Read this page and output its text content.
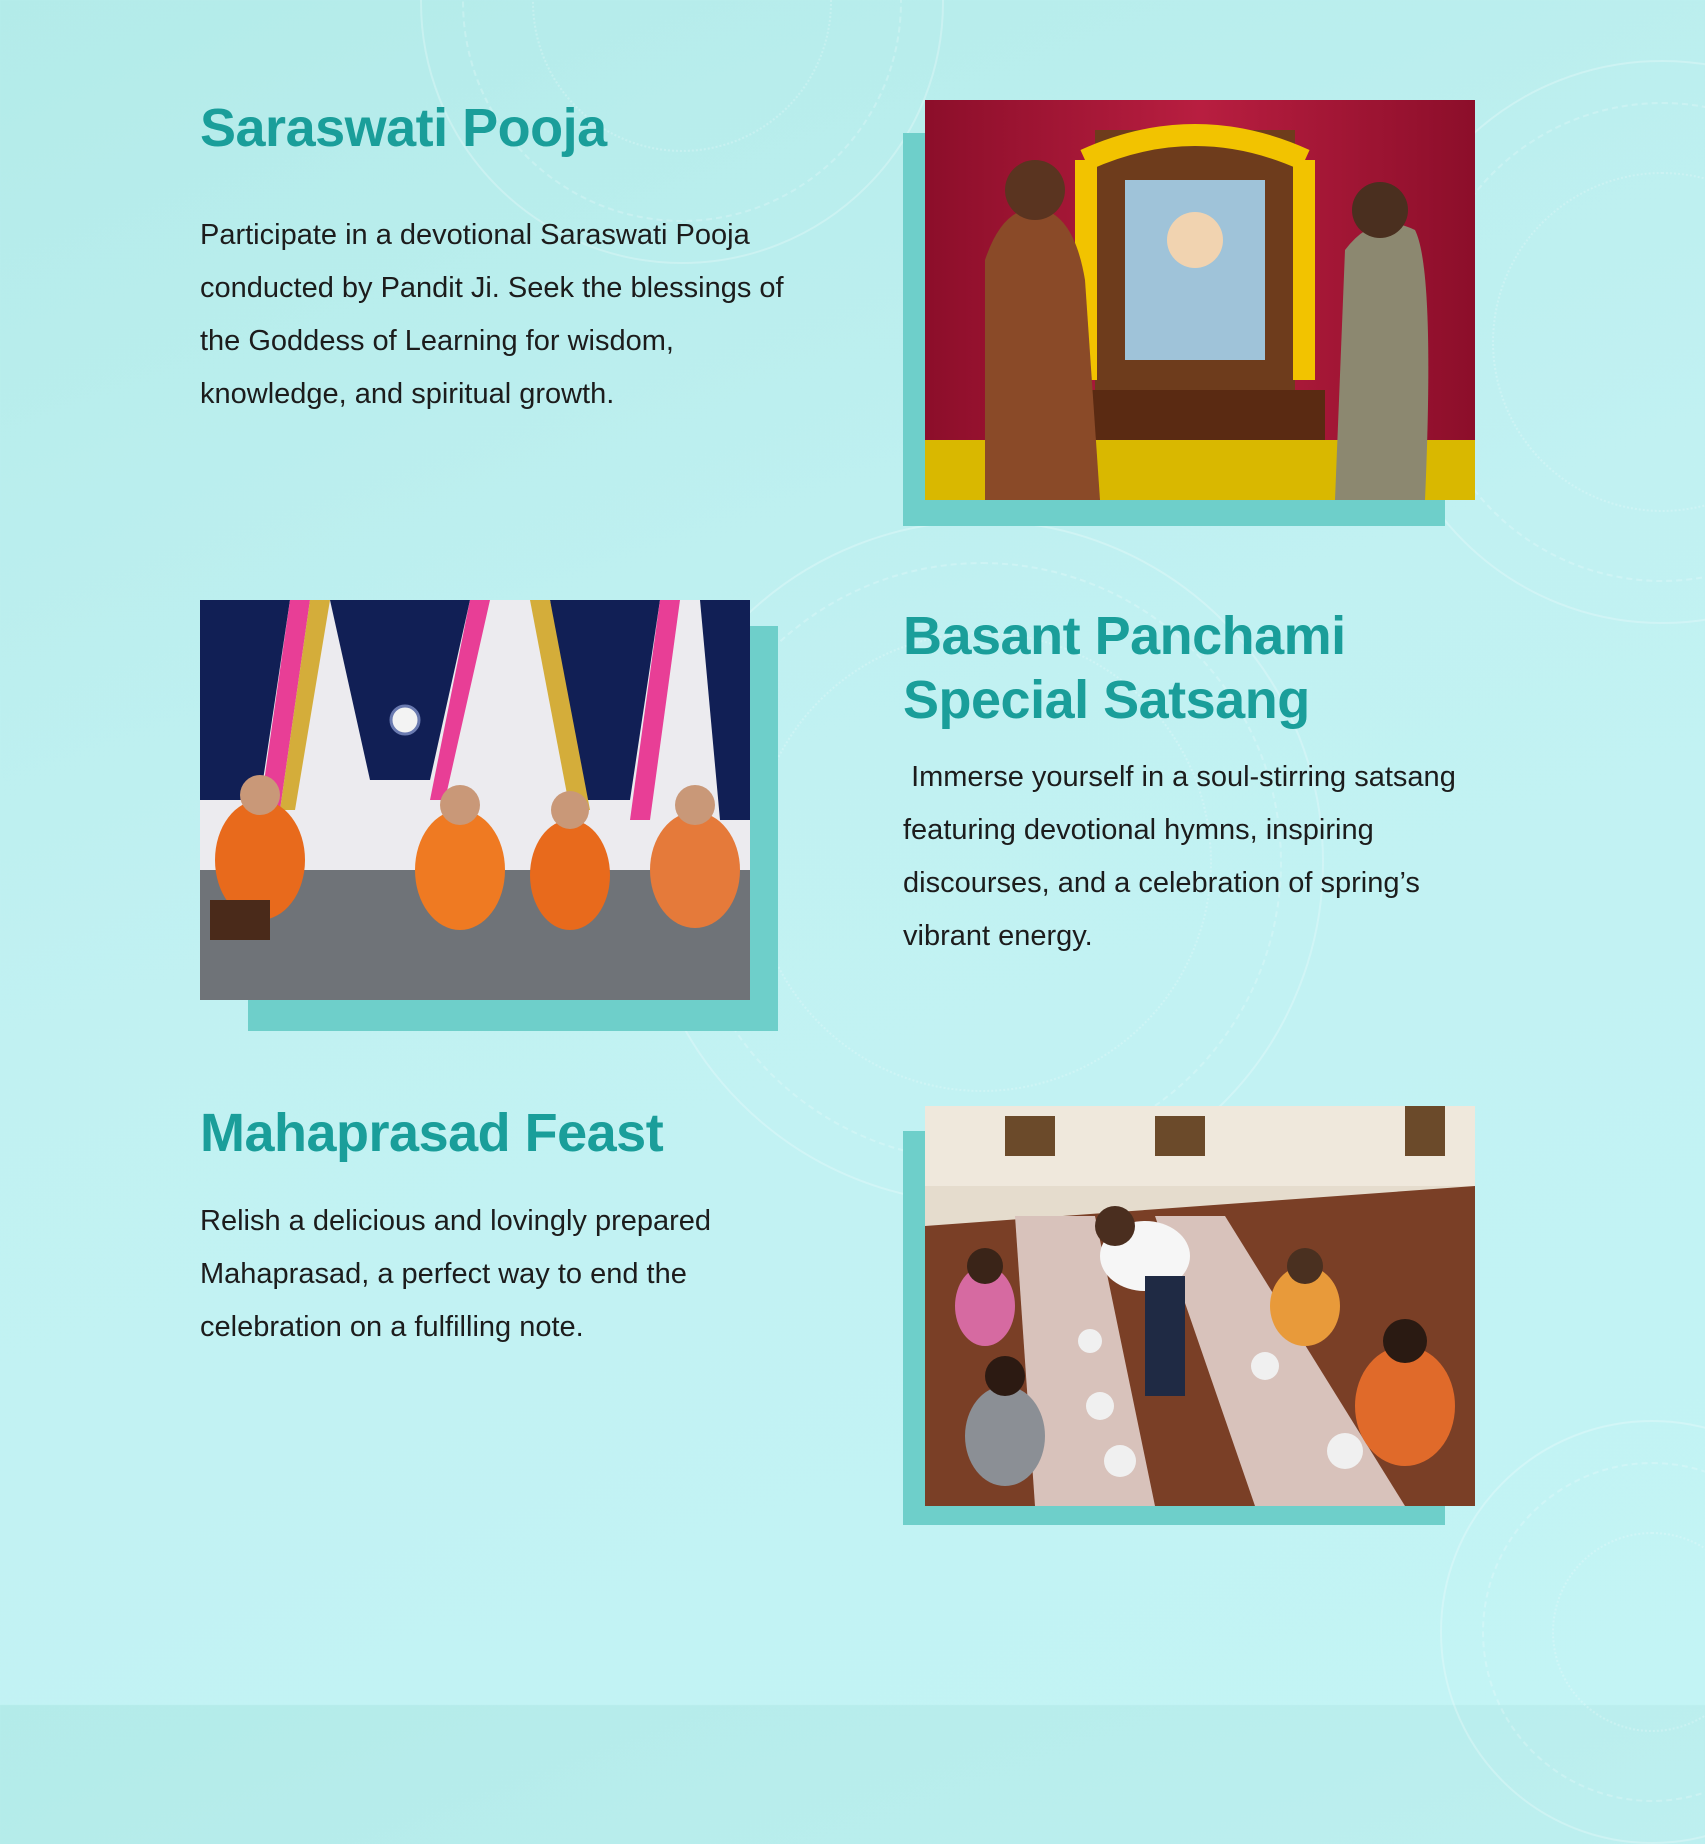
Saraswati Pooja

Participate in a devotional Saraswati Pooja conducted by Pandit Ji. Seek the blessings of the Goddess of Learning for wisdom, knowledge, and spiritual growth.

Basant Panchami
Special Satsang

Immerse yourself in a soul-stirring satsang featuring devotional hymns, inspiring discourses, and a celebration of spring’s vibrant energy.

Mahaprasad Feast

Relish a delicious and lovingly prepared Mahaprasad, a perfect way to end the celebration on a fulfilling note.
